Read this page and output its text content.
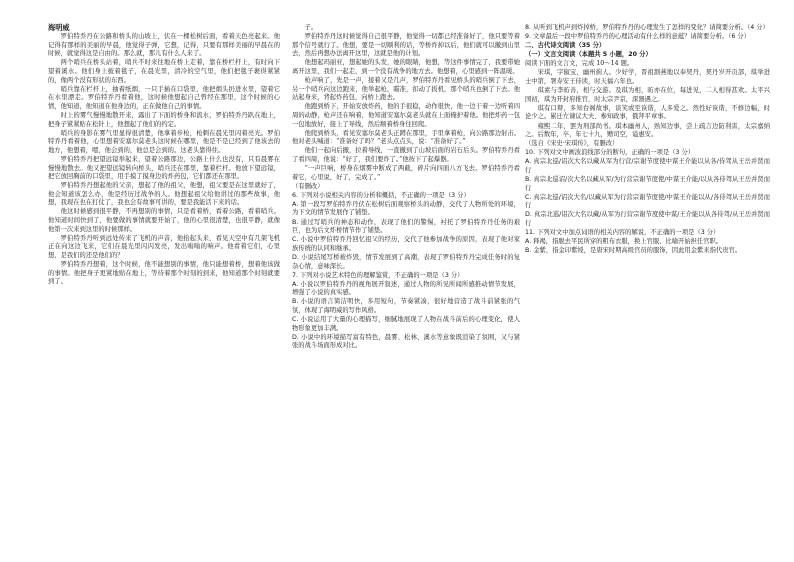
海明威

罗伯特乔丹在公路和桥头的山坡上，伏在一棵松树后面，看着天色亮起来。他记得有那样的美丽的早晨，他觉得子弹，它想，记得，只要有那样美丽的早晨在的时候，就觉得这是自由的。那么就，那儿有什么人来了。

两个哨兵在桥头站着，哨兵不时来往地在桥上走着，靠在桥栏杆上，有时向下望着溪水。他们身上披着毯子，在晨光里，清冷的空气里，他们把毯子裹得紧紧的，像两个没有形状的东西。

哨兵靠在栏杆上，抽着纸烟，一只手插在口袋里，他把烟头扔进水里，望着它在水里漂走。罗伯特乔丹看着他，这时候他想起自己曾经在那里，这个时候的心情，他知道，他知道在他身边的，正在做他自己的事情。

时上的雾气慢慢地散开来，露出了下面的桥身和流水，罗伯特乔丹趴在地上，把身子紧紧贴在松针上，他想起了他们的约定。

哨兵的身影在雾气里显得很清楚，他拿着步枪，枪刺在晨光里闪着亮光。罗伯特乔丹看着他，心里想着安塞尔莫老头这时候在哪里，他是不是已经到了他该去的地方，他想着，嗯，他会到的，他总是会到的。这老头靠得住。

罗伯特乔丹把望远镜举起来，望着公路那边，公路上什么也没有，只有晨雾在慢慢地散去。他又把望远镜转向桥头，哨兵还在那里，靠着栏杆。他放下望远镜，把它放回胸前的口袋里，用手摸了摸身边的炸药包，它们都还在那里。

罗伯特乔丹想起他的父亲，想起了他的祖父，他想，祖父要是在这里就好了，他会知道该怎么办，他是经历过战争的人。他想起祖父给他讲过的那些故事，他想，我现在也在打仗了，我也会有故事可讲的，要是我能活下来的话。

他这时候感到很平静，不再想别的事情，只是看着桥，看着公路，看着哨兵。他知道时间快到了，他要做的事情就要开始了，他的心里很清楚，也很平静，就像他第一次来到这里的时候那样。

罗伯特乔丹听到远处传来了飞机的声音，他抬起头来，看见天空中有几架飞机正在向这边飞来，它们在晨光里闪闪发亮，发出嗡嗡的响声。他看着它们，心里想，是我们的还是他们的？

罗伯特乔丹想着，这个时候，他不能想别的事情，他只能想着桥，想着他该做的事情。他把身子更紧地贴在地上，等待着那个时刻的到来，他知道那个时刻就要到了。

子。

罗伯特乔丹这时候觉得自己很平静，他觉得一切都已经准备好了，他只要等着那个信号就行了。他想，要是一切顺利的话，等桥炸掉以后，他们就可以撤到山里去，然后再想办法离开这里，这就是他的计划。

他想起玛丽亚，想起她的头发，她的眼睛，他想，等这件事情完了，我要带她离开这里，我们一起走，到一个没有战争的地方去。他想着，心里感到一阵温暖。

枪声响了，先是一声，接着又是几声，罗伯特乔丹看见桥头的哨兵倒了下去，另一个哨兵向这边跑来，他举起枪，瞄准，扣动了扳机，那个哨兵也倒了下去。他站起身来，背起炸药包，向桥上跑去。

他跑到桥下，开始安放炸药，他的手很稳，动作很快，他一边干着一边听着四周的动静，枪声还在响着，他知道安塞尔莫老头就在上面掩护着他。他把炸药一包一包地放好，接上了导线，然后顺着桥身往回爬。

他爬到桥头，看见安塞尔莫老头正蹲在那里，手里拿着枪，向公路那边射击。他对老头喊道：“准备好了吗？”老头点点头，说：“准备好了。”

他们一起向后撤，拉着导线，一直撤到了山坡后面的岩石后头。罗伯特乔丹看了看四周，他说：“好了，我们要炸了。”他按下了起爆器。

“一声巨响，桥身在烟雾中断成了两截，碎片向四面八方飞去。罗伯特乔丹看着它，心里说，好了，完成了。”

（有删改）

6. 下列对小说相关内容的分析和概括，不正确的一项是（3 分）

A. 第一段写罗伯特乔丹伏在松树后面观察桥头的动静，交代了人物所处的环境，为下文的情节发展作了铺垫。

B. 通过写哨兵的神态和动作，表现了他们的警惕，衬托了罗伯特乔丹任务的艰巨，也为后文炸桥情节作了铺垫。

C. 小说中罗伯特乔丹回忆祖父的经历，交代了他参加战争的原因，表现了他对家族传统的认同和继承。

D. 小说结尾写桥被炸毁，情节发展到了高潮，表现了罗伯特乔丹完成任务时的复杂心情，意味深长。

7. 下列对小说艺术特色的理解鉴赏，不正确的一项是（3 分）

A. 小说以罗伯特乔丹的视角展开叙述，通过人物的所见所闻所感推动情节发展，增强了小说的真实感。

B. 小说的语言简洁明快，多用短句，节奏紧凑，很好地营造了战斗前紧张的气氛，体现了海明威的写作风格。

C. 小说运用了大量的心理描写，细腻地展现了人物在战斗前后的心理变化，使人物形象更加丰满。

D. 小说中的环境描写富有特色，晨雾、松林、溪水等意象既渲染了氛围，又与紧张的战斗场面形成对比。

8. 从听到飞机声到炸掉桥，罗伯特乔丹的心理发生了怎样的变化？请简要分析。（4 分）

9. 文章最后一段中罗伯特乔丹的心理活动有什么样的意蕴？请简要分析。（6 分）

二、古代诗文阅读（35 分）

（一）文言文阅读（本题共 5 小题，20 分）

阅读下面的文言文，完成 10～14 题。

宋琪，字俶宝，幽州蓟人。少好学，晋祖割燕地以奉契丹，契丹岁开贡部，琪举进士中第，署寿安王侍读，时天福六年也。

琪素与李昉善，相与交游。及琪为相，昉亦在位，每进见，二人相得甚欢。太平兴国初，琪为开封府推官，时太宗尹京，深器遇之。

琪有口辩，多知台阁故事，谈笑或至诙谐，人多爱之。然性好诙谐，不修边幅，时论少之。累迁左谏议大夫、参知政事，俄拜平章事。

雍熙二年，罢为刑部尚书。琪本幽州人，熟知边事，尝上疏言边防利害，太宗嘉纳之。后数年，卒，年七十九，赠司空，谥惠安。

（选自《宋史·宋琪传》，有删改）

10. 下列对文中画波浪线部分的断句，正确的一项是（3 分）

A. 真宗北巡/诏次大名以藏从军为行营/宗谢节度使中谋王介能以从各/侍驾从王岳并贤而行

B. 真宗北巡诏/次大名以藏从军/为行营宗谢节度使/中谋王介能/以从各侍驾从王岳并贤而行

C. 真宗北巡/诏次大名/以藏从军为行营宗谢节度使/中谋王介能以从/各侍驾从王岳并贤而行

D. 真宗北巡/诏次大名以藏/从军为行营宗谢节度使中谋/王介能以从各侍驾/从王岳并贤而行

11. 下列对文中加点词语的相关内容的解说，不正确的一项是（3 分）

A. 释褐，指脱去平民所穿的粗布衣服，换上官服，比喻开始担任官职。

B. 金紫，指金印紫绶，是唐宋时期高级官员的服饰，因此用金紫来指代贵官。
